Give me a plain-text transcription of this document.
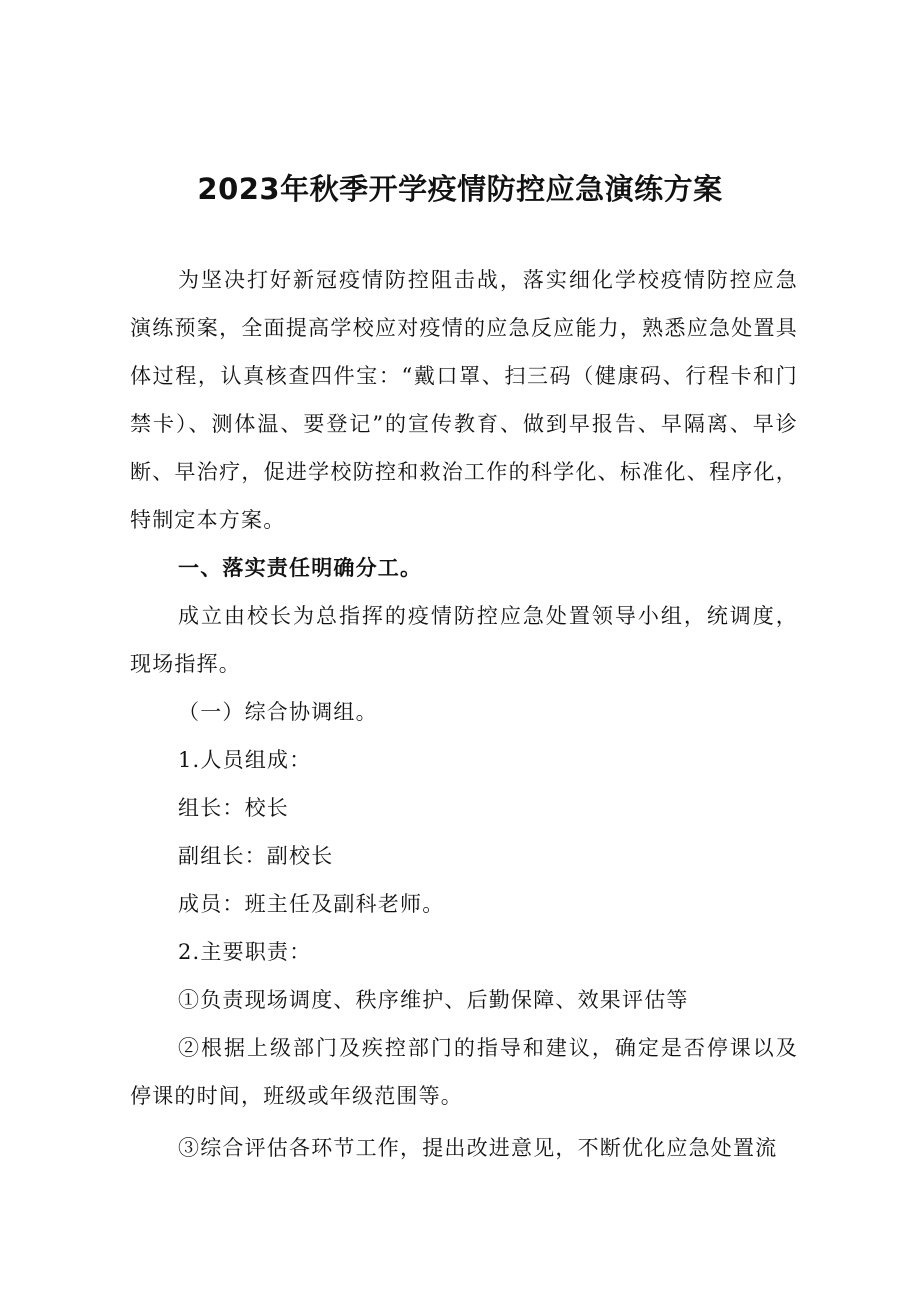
2023年秋季开学疫情防控应急演练方案

为坚决打好新冠疫情防控阻击战，落实细化学校疫情防控应急演练预案，全面提高学校应对疫情的应急反应能力，熟悉应急处置具体过程，认真核查四件宝：“戴口罩、扫三码（健康码、行程卡和门禁卡）、测体温、要登记”的宣传教育、做到早报告、早隔离、早诊断、早治疗，促进学校防控和救治工作的科学化、标准化、程序化，特制定本方案。

一、落实责任明确分工。

成立由校长为总指挥的疫情防控应急处置领导小组，统调度，现场指挥。

（一）综合协调组。

1.人员组成：

组长：校长

副组长：副校长

成员：班主任及副科老师。

2.主要职责：

①负责现场调度、秩序维护、后勤保障、效果评估等

②根据上级部门及疾控部门的指导和建议，确定是否停课以及停课的时间，班级或年级范围等。

③综合评估各环节工作，提出改进意见，不断优化应急处置流
